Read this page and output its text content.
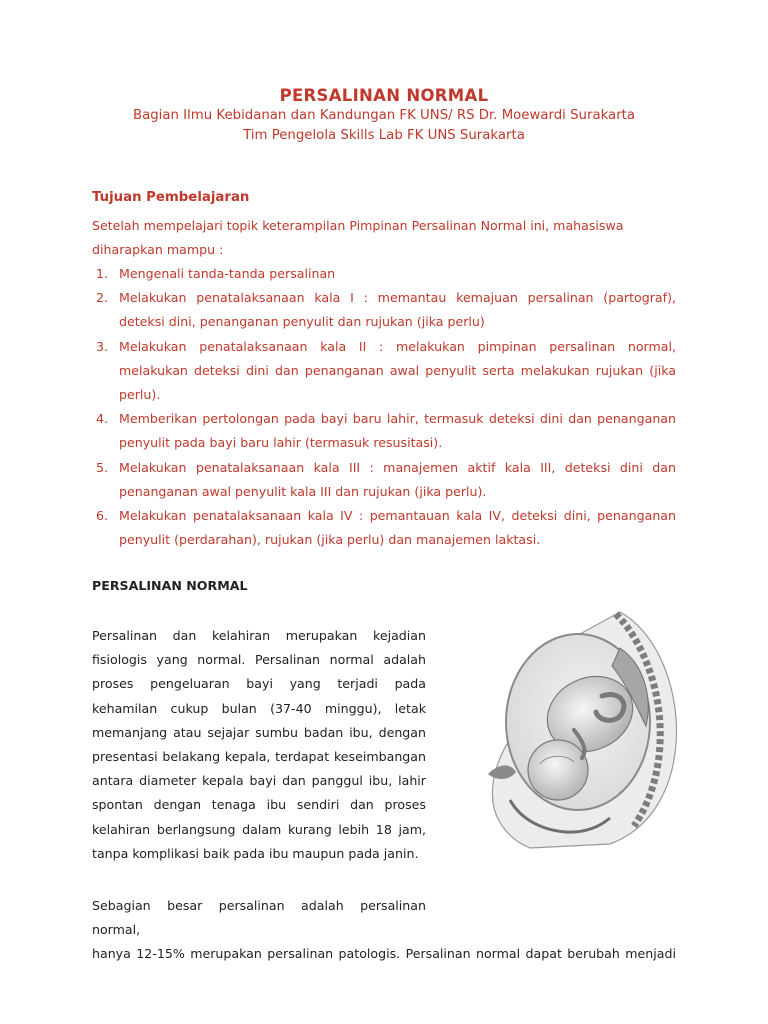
PERSALINAN NORMAL

Bagian Ilmu Kebidanan dan Kandungan FK UNS/ RS Dr. Moewardi Surakarta

Tim Pengelola Skills Lab FK UNS Surakarta

Tujuan Pembelajaran

Setelah mempelajari topik keterampilan Pimpinan Persalinan Normal ini, mahasiswa diharapkan mampu :

1. Mengenali tanda-tanda persalinan
2. Melakukan penatalaksanaan kala I : memantau kemajuan persalinan (partograf), deteksi dini, penanganan penyulit dan rujukan (jika perlu)
3. Melakukan penatalaksanaan kala II : melakukan pimpinan persalinan normal, melakukan deteksi dini dan penanganan awal penyulit serta melakukan rujukan (jika perlu).
4. Memberikan pertolongan pada bayi baru lahir, termasuk deteksi dini dan penanganan penyulit pada bayi baru lahir (termasuk resusitasi).
5. Melakukan penatalaksanaan kala III : manajemen aktif kala III, deteksi dini dan penanganan awal penyulit kala III dan rujukan (jika perlu).
6. Melakukan penatalaksanaan kala IV : pemantauan kala IV, deteksi dini, penanganan penyulit (perdarahan), rujukan (jika perlu) dan manajemen laktasi.
PERSALINAN NORMAL

Persalinan dan kelahiran merupakan kejadian fisiologis yang normal. Persalinan normal adalah proses pengeluaran bayi yang terjadi pada kehamilan cukup bulan (37-40 minggu), letak memanjang atau sejajar sumbu badan ibu, dengan presentasi belakang kepala, terdapat keseimbangan antara diameter kepala bayi dan panggul ibu, lahir spontan dengan tenaga ibu sendiri dan proses kelahiran berlangsung dalam kurang lebih 18 jam, tanpa komplikasi baik pada ibu maupun pada janin.

Sebagian besar persalinan adalah persalinan normal,
hanya 12-15% merupakan persalinan patologis. Persalinan normal dapat berubah menjadi
